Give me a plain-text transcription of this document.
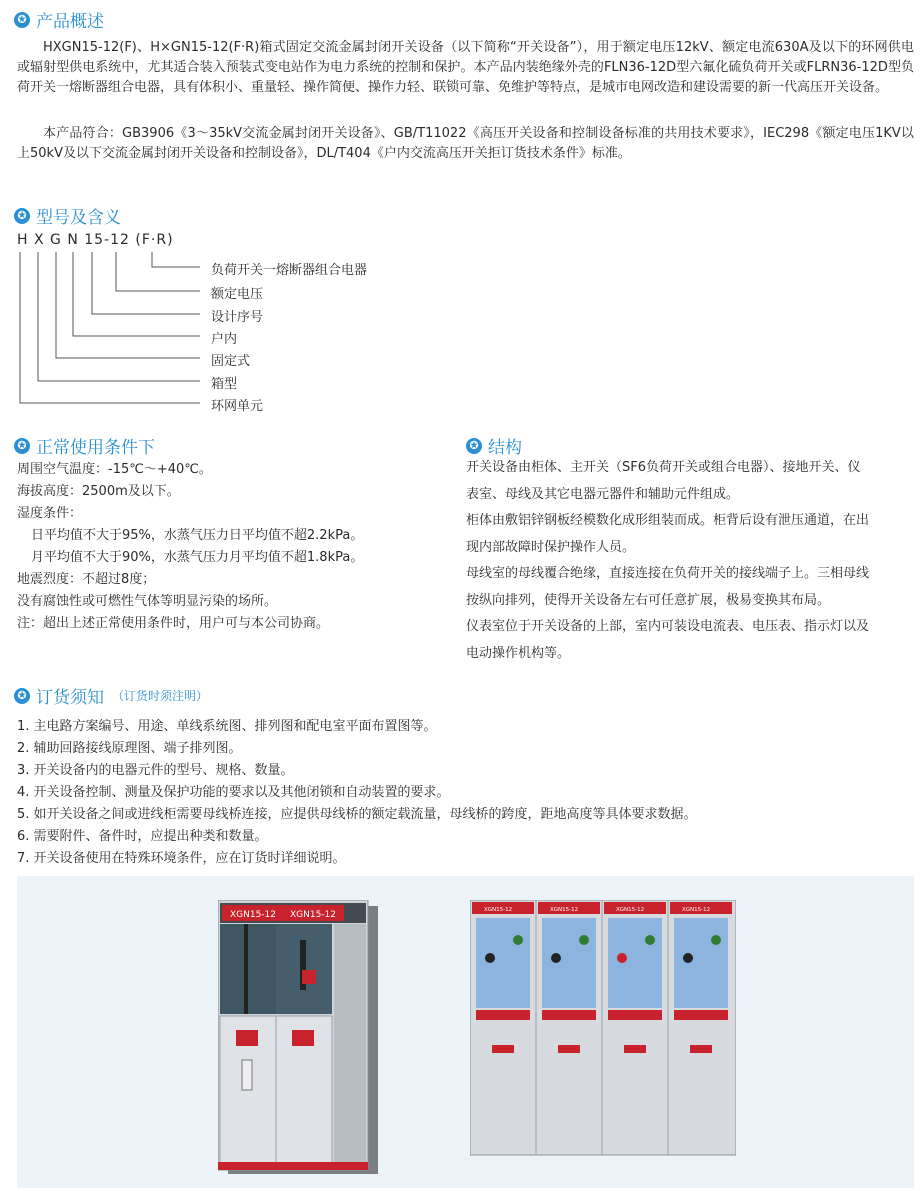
✪ 产品概述

HXGN15-12(F)、H×GN15-12(F·R)箱式固定交流金属封闭开关设备（以下简称“开关设备”），用于额定电压12kV、额定电流630A及以下的环网供电或辐射型供电系统中，尤其适合装入预装式变电站作为电力系统的控制和保护。本产品内装绝缘外壳的FLN36-12D型六氟化硫负荷开关或FLRN36-12D型负荷开关一熔断器组合电器，具有体积小、重量轻、操作简便、操作力轻、联锁可靠、免维护等特点，是城市电网改造和建设需要的新一代高压开关设备。

本产品符合：GB3906《3～35kV交流金属封闭开关设备》、GB/T11022《高压开关设备和控制设备标准的共用技术要求》，IEC298《额定电压1KV以上50kV及以下交流金属封闭开关设备和控制设备》，DL/T404《户内交流高压开关拒订货技术条件》标准。

✪ 型号及含义
H X G N 15-12 (F·R)
负荷开关一熔断器组合电器
额定电压
设计序号
户内
固定式
箱型
环网单元
✪ 正常使用条件下
周围空气温度：-15℃～+40℃。
海拔高度：2500m及以下。
湿度条件：
日平均值不大于95%，水蒸气压力日平均值不超2.2kPa。
月平均值不大于90%，水蒸气压力月平均值不超1.8kPa。
地震烈度：不超过8度；
没有腐蚀性或可燃性气体等明显污染的场所。
注：超出上述正常使用条件时，用户可与本公司协商。
✪ 结构
开关设备由柜体、主开关（SF6负荷开关或组合电器）、接地开关、仪
表室、母线及其它电器元器件和辅助元件组成。
柜体由敷铝锌钢板经模数化成形组装而成。柜背后设有泄压通道，在出
现内部故障时保护操作人员。
母线室的母线覆合绝缘，直接连接在负荷开关的接线端子上。三相母线
按纵向排列，使得开关设备左右可任意扩展，极易变换其布局。
仪表室位于开关设备的上部，室内可装设电流表、电压表、指示灯以及
电动操作机构等。
✪ 订货须知 （订货时须注明）
1. 主电路方案编号、用途、单线系统图、排列图和配电室平面布置图等。
2. 辅助回路接线原理图、端子排列图。
3. 开关设备内的电器元件的型号、规格、数量。
4. 开关设备控制、测量及保护功能的要求以及其他闭锁和自动装置的要求。
5. 如开关设备之间或进线柜需要母线桥连接，应提供母线桥的额定载流量，母线桥的跨度，距地高度等具体要求数据。
6. 需要附件、备件时，应提出种类和数量。
7. 开关设备使用在特殊环境条件，应在订货时详细说明。
XGN15-12 XGN15-12	XGN15-12	XGN15-12	XGN15-12	XGN15-12
